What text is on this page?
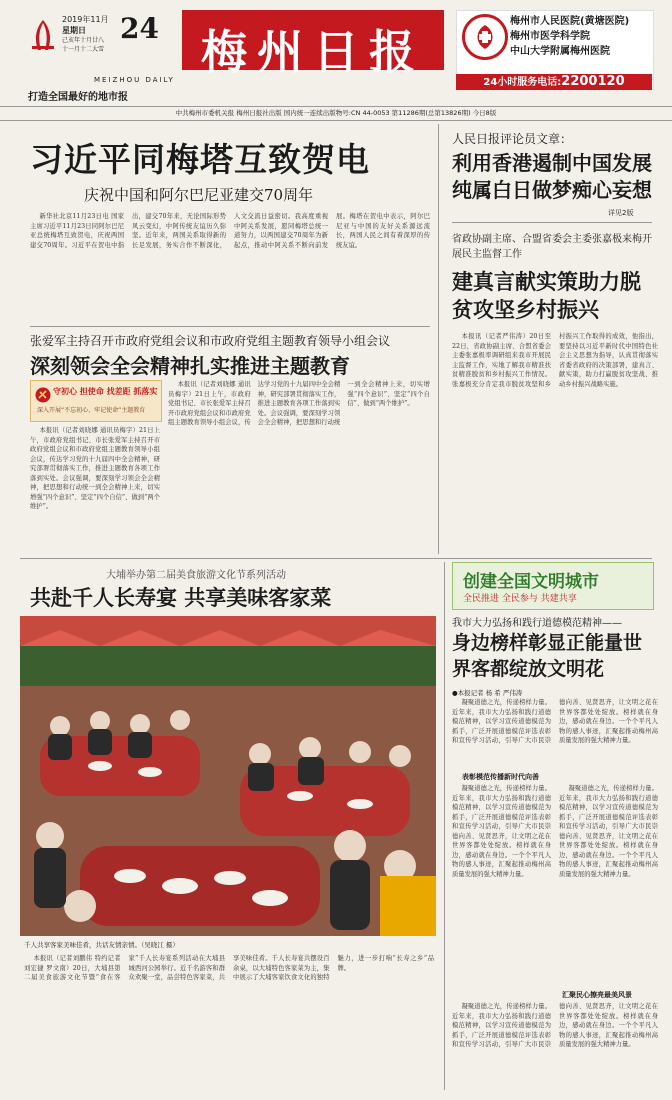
2019年11月
星期日
己亥年十月廿八
十一月十二大雪
24 梅州日报
MEIZHOU DAILY
打造全国最好的地市报
梅州市人民医院(黄塘医院)
梅州市医学科学院
中山大学附属梅州医院
24小时服务电话:2200120
中共梅州市委机关报 梅州日报社出版 国内统一连续出版物号:CN 44-0053 第11286期(总第13826期) 今日8版
习近平同梅塔互致贺电
庆祝中国和阿尔巴尼亚建交70周年

新华社北京11月23日电 国家主席习近平11月23日同阿尔巴尼亚总统梅塔互致贺电，庆祝两国建交70周年。习近平在贺电中指出，建交70年来，无论国际形势风云变幻，中阿传统友谊历久弥坚。近年来，两国关系取得新的长足发展，务实合作不断深化，人文交流日益密切。我高度重视中阿关系发展，愿同梅塔总统一道努力，以两国建交70周年为新起点，推动中阿关系不断向前发展。梅塔在贺电中表示，阿尔巴尼亚与中国的友好关系源远流长，两国人民之间有着深厚的传统友谊。

人民日报评论员文章：
利用香港遏制中国发展纯属白日做梦痴心妄想
详见2版
省政协副主席、合盟省委会主委张嘉极来梅开展民主监督工作
建真言献实策助力脱贫攻坚乡村振兴

本报讯（记者严伟涛）20日至22日，省政协副主席、合盟省委会主委张嘉极率调研组来我市开展民主监督工作，实地了解我市精准扶贫精准脱贫和乡村振兴工作情况。张嘉极充分肯定我市脱贫攻坚和乡村振兴工作取得的成效，他指出，要坚持以习近平新时代中国特色社会主义思想为指导，认真贯彻落实省委省政府的决策部署，建真言、献实策，助力打赢脱贫攻坚战、推动乡村振兴战略实施。

张爱军主持召开市政府党组会议和市政府党组主题教育领导小组会议
深刻领会全会精神扎实推进主题教育
守初心 担使命 找差距 抓落实
深入开展“不忘初心、牢记使命”主题教育

本报讯（记者刘晓娜 通讯员梅宇）21日上午，市政府党组书记、市长张爱军主持召开市政府党组会议和市政府党组主题教育领导小组会议，传达学习党的十九届四中全会精神，研究部署贯彻落实工作，推进主题教育各项工作落到实处。会议强调，要深刻学习领会全会精神，把思想和行动统一到全会精神上来，切实增强“四个意识”、坚定“四个自信”、做到“两个维护”。

本报讯（记者刘晓娜 通讯员梅宇）21日上午，市政府党组书记、市长张爱军主持召开市政府党组会议和市政府党组主题教育领导小组会议，传达学习党的十九届四中全会精神，研究部署贯彻落实工作，推进主题教育各项工作落到实处。会议强调，要深刻学习领会全会精神，把思想和行动统一到全会精神上来，切实增强“四个意识”、坚定“四个自信”、做到“两个维护”。

大埔举办第二届美食旅游文化节系列活动
共赴千人长寿宴 共享美味客家菜
千人共享客家美味佳肴，共话友情亲情。（吴晓江 摄）

本报讯（记者刘鹏伟 特约记者刘宏捷 罗文南）20日，大埔县第二届美食旅游文化节暨“食在客家”千人长寿宴系列活动在大埔县城西河公园举行。近千名游客和群众欢聚一堂，品尝特色客家菜，共享美味佳肴。千人长寿宴共摆设百余桌，以大埔特色客家菜为主，集中展示了大埔客家饮食文化的独特魅力，进一步打响“长寿之乡”品牌。

创建全国文明城市
全民推进 全民参与 共建共享
我市大力弘扬和践行道德模范精神——
身边榜样彰显正能量世界客都绽放文明花
●本报记者 杨 希 严伟涛

凝聚道德之光，传递榜样力量。近年来，我市大力弘扬和践行道德模范精神，以学习宣传道德模范为抓手，广泛开展道德模范评选表彰和宣传学习活动，引导广大市民崇德向善、见贤思齐，让文明之花在世界客都处处绽放。榜样就在身边，感动就在身边。一个个平凡人物的感人事迹，汇聚起推动梅州高质量发展的强大精神力量。

表彰模范传播新时代向善

凝聚道德之光，传递榜样力量。近年来，我市大力弘扬和践行道德模范精神，以学习宣传道德模范为抓手，广泛开展道德模范评选表彰和宣传学习活动，引导广大市民崇德向善、见贤思齐，让文明之花在世界客都处处绽放。榜样就在身边，感动就在身边。一个个平凡人物的感人事迹，汇聚起推动梅州高质量发展的强大精神力量。

凝聚道德之光，传递榜样力量。近年来，我市大力弘扬和践行道德模范精神，以学习宣传道德模范为抓手，广泛开展道德模范评选表彰和宣传学习活动，引导广大市民崇德向善、见贤思齐，让文明之花在世界客都处处绽放。榜样就在身边，感动就在身边。一个个平凡人物的感人事迹，汇聚起推动梅州高质量发展的强大精神力量。

汇聚民心擦亮最美风景

凝聚道德之光，传递榜样力量。近年来，我市大力弘扬和践行道德模范精神，以学习宣传道德模范为抓手，广泛开展道德模范评选表彰和宣传学习活动，引导广大市民崇德向善、见贤思齐，让文明之花在世界客都处处绽放。榜样就在身边，感动就在身边。一个个平凡人物的感人事迹，汇聚起推动梅州高质量发展的强大精神力量。
